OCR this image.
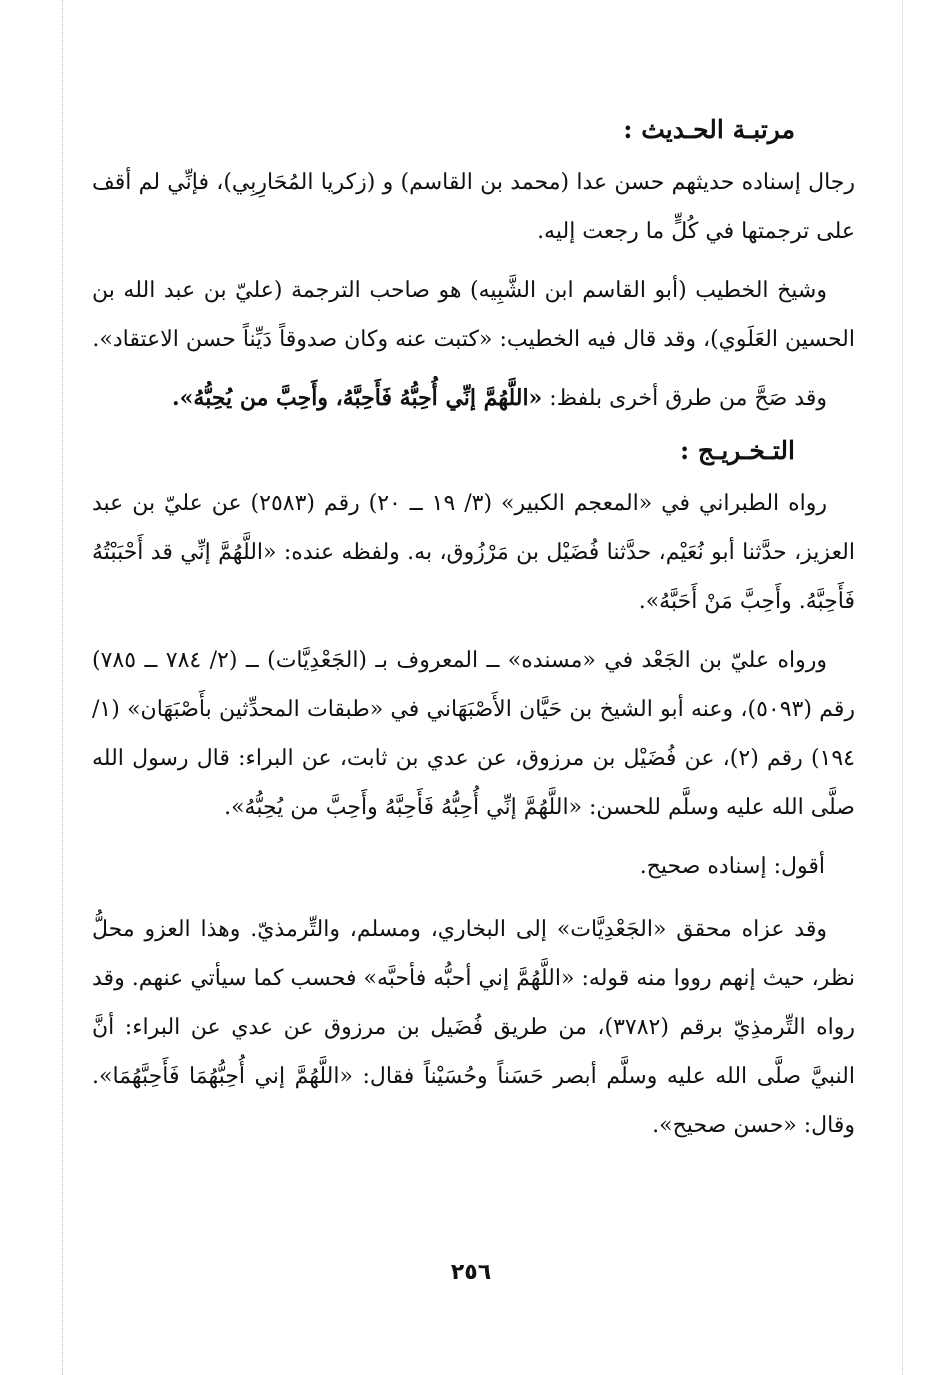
مرتبـة الحـديث :

رجال إسناده حديثهم حسن عدا (محمد بن القاسم) و (زكريا المُحَارِبِي)، فإنِّي لم أقف على ترجمتها في كُلٍّ ما رجعت إليه.

وشيخ الخطيب (أبو القاسم ابن الشَّبِيه) هو صاحب الترجمة (عليّ بن عبد الله بن الحسين العَلَوي)، وقد قال فيه الخطيب: «كتبت عنه وكان صدوقاً دَيِّناً حسن الاعتقاد».

وقد صَحَّ من طرق أخرى بلفظ: «اللَّهُمَّ إنِّي أُحِبُّهُ فَأَحِبَّهُ، وأَحِبَّ من يُحِبُّهُ».

التـخـريـج :

رواه الطبراني في «المعجم الكبير» (٣/ ١٩ ــ ٢٠) رقم (٢٥٨٣) عن عليّ بن عبد العزيز، حدَّثنا أبو نُعَيْم، حدَّثنا فُضَيْل بن مَرْزُوق، به. ولفظه عنده: «اللَّهُمَّ إنِّي قد أَحْبَبْتُهُ فَأَحِبَّهُ. وأَحِبَّ مَنْ أَحَبَّهُ».

ورواه عليّ بن الجَعْد في «مسنده» ــ المعروف بـ (الجَعْدِيَّات) ــ (٢/ ٧٨٤ ــ ٧٨٥) رقم (٥٠٩٣)، وعنه أبو الشيخ بن حَيَّان الأَصْبَهَاني في «طبقات المحدِّثين بأَصْبَهَان» (١/ ١٩٤) رقم (٢)، عن فُضَيْل بن مرزوق، عن عدي بن ثابت، عن البراء: قال رسول الله صلَّى الله عليه وسلَّم للحسن: «اللَّهُمَّ إنِّي أُحِبُّهُ فَأَحِبَّهُ وأَحِبَّ من يُحِبُّهُ».

أقول: إسناده صحيح.

وقد عزاه محقق «الجَعْدِيَّات» إلى البخاري، ومسلم، والتِّرمذيّ. وهذا العزو محلُّ نظر، حيث إنهم رووا منه قوله: «اللَّهُمَّ إني أحبُّه فأحبَّه» فحسب كما سيأتي عنهم. وقد رواه التِّرمذِيّ برقم (٣٧٨٢)، من طريق فُضَيل بن مرزوق عن عدي عن البراء: أنَّ النبيَّ صلَّى الله عليه وسلَّم أبصر حَسَناً وحُسَيْناً فقال: «اللَّهُمَّ إني أُحِبُّهُمَا فَأَحِبَّهُمَا». وقال: «حسن صحيح».

٢٥٦
